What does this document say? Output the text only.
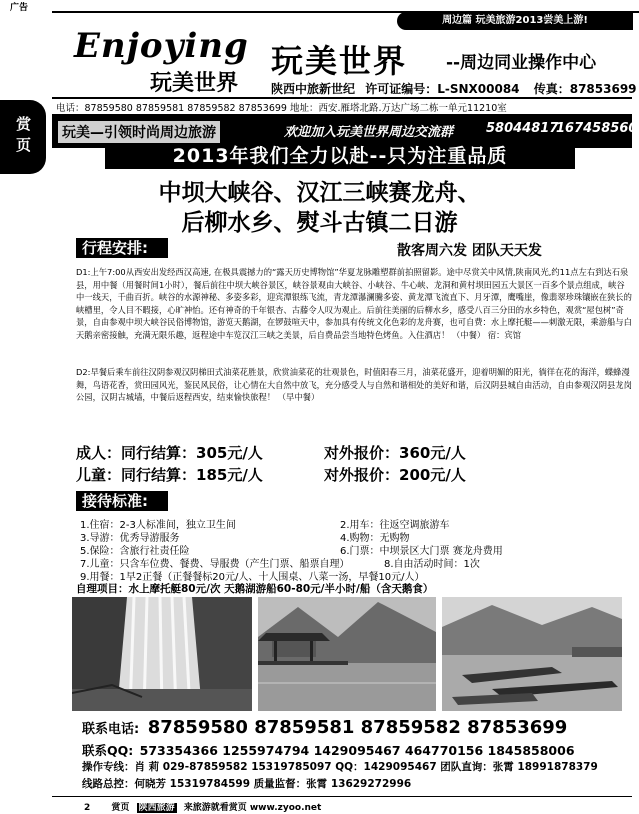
广告
周边篇 玩美旅游2013尝美上游!
赏页
Enjoying
玩美世界
玩美世界 --周边同业操作中心
陕西中旅新世纪 许可证编号：L-SNX00084 传真：87853699
电话：87859580 87859581 87859582 87853699 地址：西安.雁塔北路.万达广场二栋一单元11210室
玩美—引领时尚周边旅游	欢迎加入玩美世界周边交流群	58044817
167458560
2013年我们全力以赴--只为注重品质
中坝大峡谷、汉江三峡赛龙舟、
后柳水乡、熨斗古镇二日游
行程安排:	散客周六发 团队天天发
D1:上午7:00从西安出发经西汉高速, 在极具震撼力的“露天历史博物馆”华夏龙脉雕塑群前拍照留影。途中尽赏关中风情,陕南风光,约11点左右到达石泉县，用中餐（用餐时间1小时），餐后前往中坝大峡谷景区，峡谷景观由大峡谷、小峡谷、牛心峡、龙洞和黄村坝田园五大景区一百多个景点组成，峡谷中一线天，千曲百折。峡谷的水源神秘、多姿多彩，迎宾潭银练飞流，青龙潭瀑澜騰多姿、黄龙潭飞流直下、月牙潭，鹰嘴崖，像翡翠珍珠镶嵌在狭长的峡槽里，令人目不暇接，心旷神怡。还有神奇的千年银杏、古藤令人叹为观止。后前往美丽的后柳水乡，感受八百三分田的水乡特色，观赏“屋包树”奇景，自由参观中坝大峡谷民俗博物馆，游览天鹅湖，在锣鼓喧天中，参加具有传统文化色彩的龙舟赛，也可自费：水上摩托艇——刺激无限，乘游船与白天鹅亲密接触，充满无限乐趣，返程途中车览汉江三峡之美景，后自费品尝当地特色烤鱼。入住酒店！ （中餐） 宿：宾馆
D2:早餐后乘车前往汉阴参观汉阴梯田式油菜花胜景，欣赏油菜花的壮观景色，时值阳春三月，油菜花盛开，迎着明媚的阳光，徜徉在花的海洋，蝶蜂漫舞，鸟语花香，赏田园风光，鉴民风民俗，让心情在大自然中放飞，充分感受人与自然和谐相处的美好和谐，后汉阴县城自由活动，自由参观汉阴县龙岗公园，汉阴古城墙，中餐后返程西安，结束愉快旅程！ （早中餐）
成人：同行结算：305元/人	对外报价：360元/人
儿童：同行结算：185元/人	对外报价：200元/人
接待标准:
1.住宿：2-3人标准间，独立卫生间	2.用车：往返空调旅游车
3.导游：优秀导游服务	4.购物：无购物
5.保险：含旅行社责任险	6.门票：中坝景区大门票 赛龙舟费用
7.儿童：只含车位费、餐费、导服费（产生门票、船票自理）	8.自由活动时间：1次
9.用餐：1早2正餐（正餐餐标20元/人、十人围桌、八菜一汤，早餐10元/人）
自理项目：水上摩托艇80元/次 天鹅湖游船60-80元/半小时/船（含天鹅食）
联系电话: 87859580 87859581 87859582 87853699
联系QQ: 573354366 1255974794 1429095467 464770156 1845858006
操作专线：肖 莉 029-87859582 15319785097 QQ：1429095467 团队直询：张霄 18991878379
线路总控：何晓芳 15319784599 质量监督：张霄 13629272996
2 赏页 陕西旅游 来旅游就看赏页 www.zyoo.net
